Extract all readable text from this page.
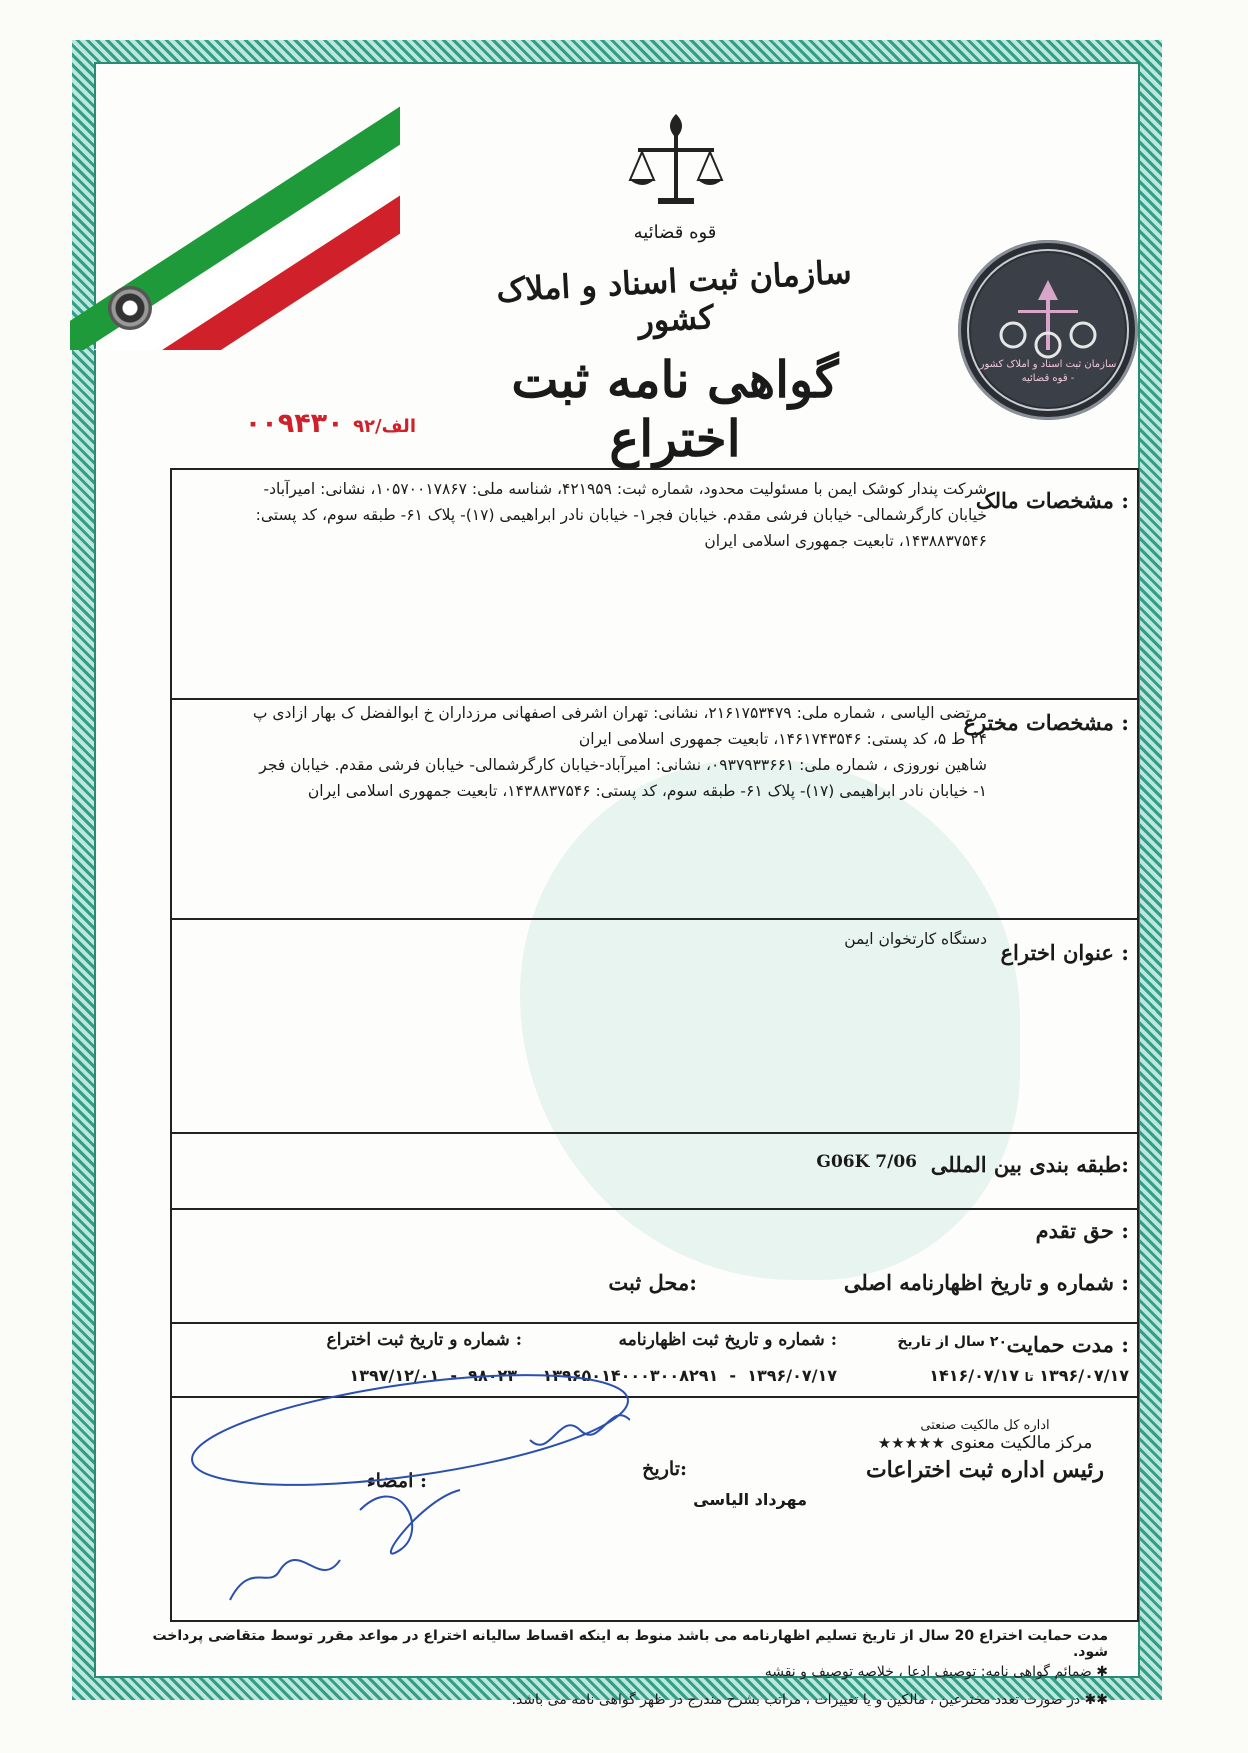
قوه قضائیه
سازمان ثبت اسناد و املاک کشور
گواهی نامه ثبت اختراع
الف/۹۲ ۰۰۹۴۳۰
سازمان ثبت اسناد و املاک کشور - قوه قضائیه
مشخصات مالک :
شرکت پندار کوشک ایمن با مسئولیت محدود، شماره ثبت: ۴۲۱۹۵۹، شناسه ملی: ۱۰۵۷۰۰۱۷۸۶۷، نشانی: امیرآباد-
خیابان کارگرشمالی- خیابان فرشی مقدم. خیابان فجر۱- خیابان نادر ابراهیمی (۱۷)- پلاک ۶۱- طبقه سوم، کد پستی:
۱۴۳۸۸۳۷۵۴۶، تابعیت جمهوری اسلامی ایران
مشخصات مخترع :
مرتضی الیاسی ، شماره ملی: ۲۱۶۱۷۵۳۴۷۹، نشانی: تهران اشرفی اصفهانی مرزداران خ ابوالفضل ک بهار ازادی پ
۲۴ ط ۵، کد پستی: ۱۴۶۱۷۴۳۵۴۶، تابعیت جمهوری اسلامی ایران
شاهین نوروزی ، شماره ملی: ۰۹۳۷۹۳۳۶۶۱، نشانی: امیرآباد-خیابان کارگرشمالی- خیابان فرشی مقدم. خیابان فجر
۱- خیابان نادر ابراهیمی (۱۷)- پلاک ۶۱- طبقه سوم، کد پستی: ۱۴۳۸۸۳۷۵۴۶، تابعیت جمهوری اسلامی ایران
عنوان اختراع :
دستگاه کارتخوان ایمن
طبقه بندی بین المللی:
G06K 7/06
حق تقدم :
شماره و تاریخ اظهارنامه اصلی :
محل ثبت:
مدت حمایت :
۲۰ سال از تاریخ
شماره و تاریخ ثبت اظهارنامه :
شماره و تاریخ ثبت اختراع :
۱۳۹۶/۰۷/۱۷ تا ۱۴۱۶/۰۷/۱۷
۱۳۹۶/۰۷/۱۷  -  ۱۳۹۶۵۰۱۴۰۰۰۳۰۰۸۲۹۱
۹۸۰۲۳  -  ۱۳۹۷/۱۲/۰۱
امضاء :
تاریخ:
مهرداد الیاسی
اداره کل مالکیت صنعتی
★★★★★ مرکز مالکیت معنوی
رئیس اداره ثبت اختراعات
مدت حمایت اختراع 20 سال از تاریخ تسلیم اظهارنامه می باشد منوط به اینکه اقساط سالیانه اختراع در مواعد مقرر توسط متقاضی پرداخت شود.
✱ ضمائم گواهی نامه: توصیف ادعا ، خلاصه توصیف و نقشه
✱✱ در صورت تعدد مخترعین ، مالکین و یا تغییرات ، مراتب بشرح مندرج در ظهر گواهی نامه می باشد.
